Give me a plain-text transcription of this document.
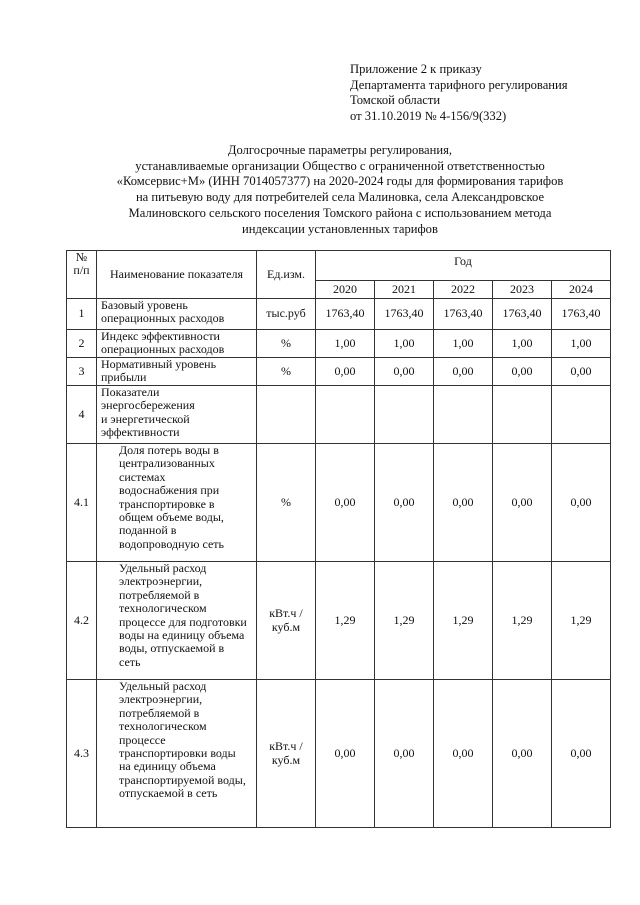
Приложение 2 к приказу
Департамента тарифного регулирования
Томской области
от 31.10.2019 № 4-156/9(332)
Долгосрочные параметры регулирования,
устанавливаемые организации Общество с ограниченной ответственностью
«Комсервис+М» (ИНН 7014057377) на 2020-2024 годы для формирования тарифов
на питьевую воду для потребителей села Малиновка, села Александровское
Малиновского сельского поселения Томского района с использованием метода
индексации установленных тарифов
№
п/п	Наименование показателя	Ед.изм.	Год				
			2020	2021	2022	2023	2024
1	Базовый уровень операционных расходов	тыс.руб	1763,40	1763,40	1763,40	1763,40	1763,40
2	Индекс эффективности операционных расходов	%	1,00	1,00	1,00	1,00	1,00
3	Нормативный уровень прибыли	%	0,00	0,00	0,00	0,00	0,00
4	Показатели энергосбережения и энергетической эффективности						
4.1	Доля потерь воды в централизованных системах водоснабжения при транспортировке в общем объеме воды, поданной в водопроводную сеть	%	0,00	0,00	0,00	0,00	0,00
4.2	Удельный расход электроэнергии, потребляемой в технологическом процессе для подготовки воды на единицу объема воды, отпускаемой в сеть	кВт.ч / куб.м	1,29	1,29	1,29	1,29	1,29
4.3	Удельный расход электроэнергии, потребляемой в технологическом процессе транспортировки воды на единицу объема транспортируемой воды, отпускаемой в сеть	кВт.ч / куб.м	0,00	0,00	0,00	0,00	0,00
